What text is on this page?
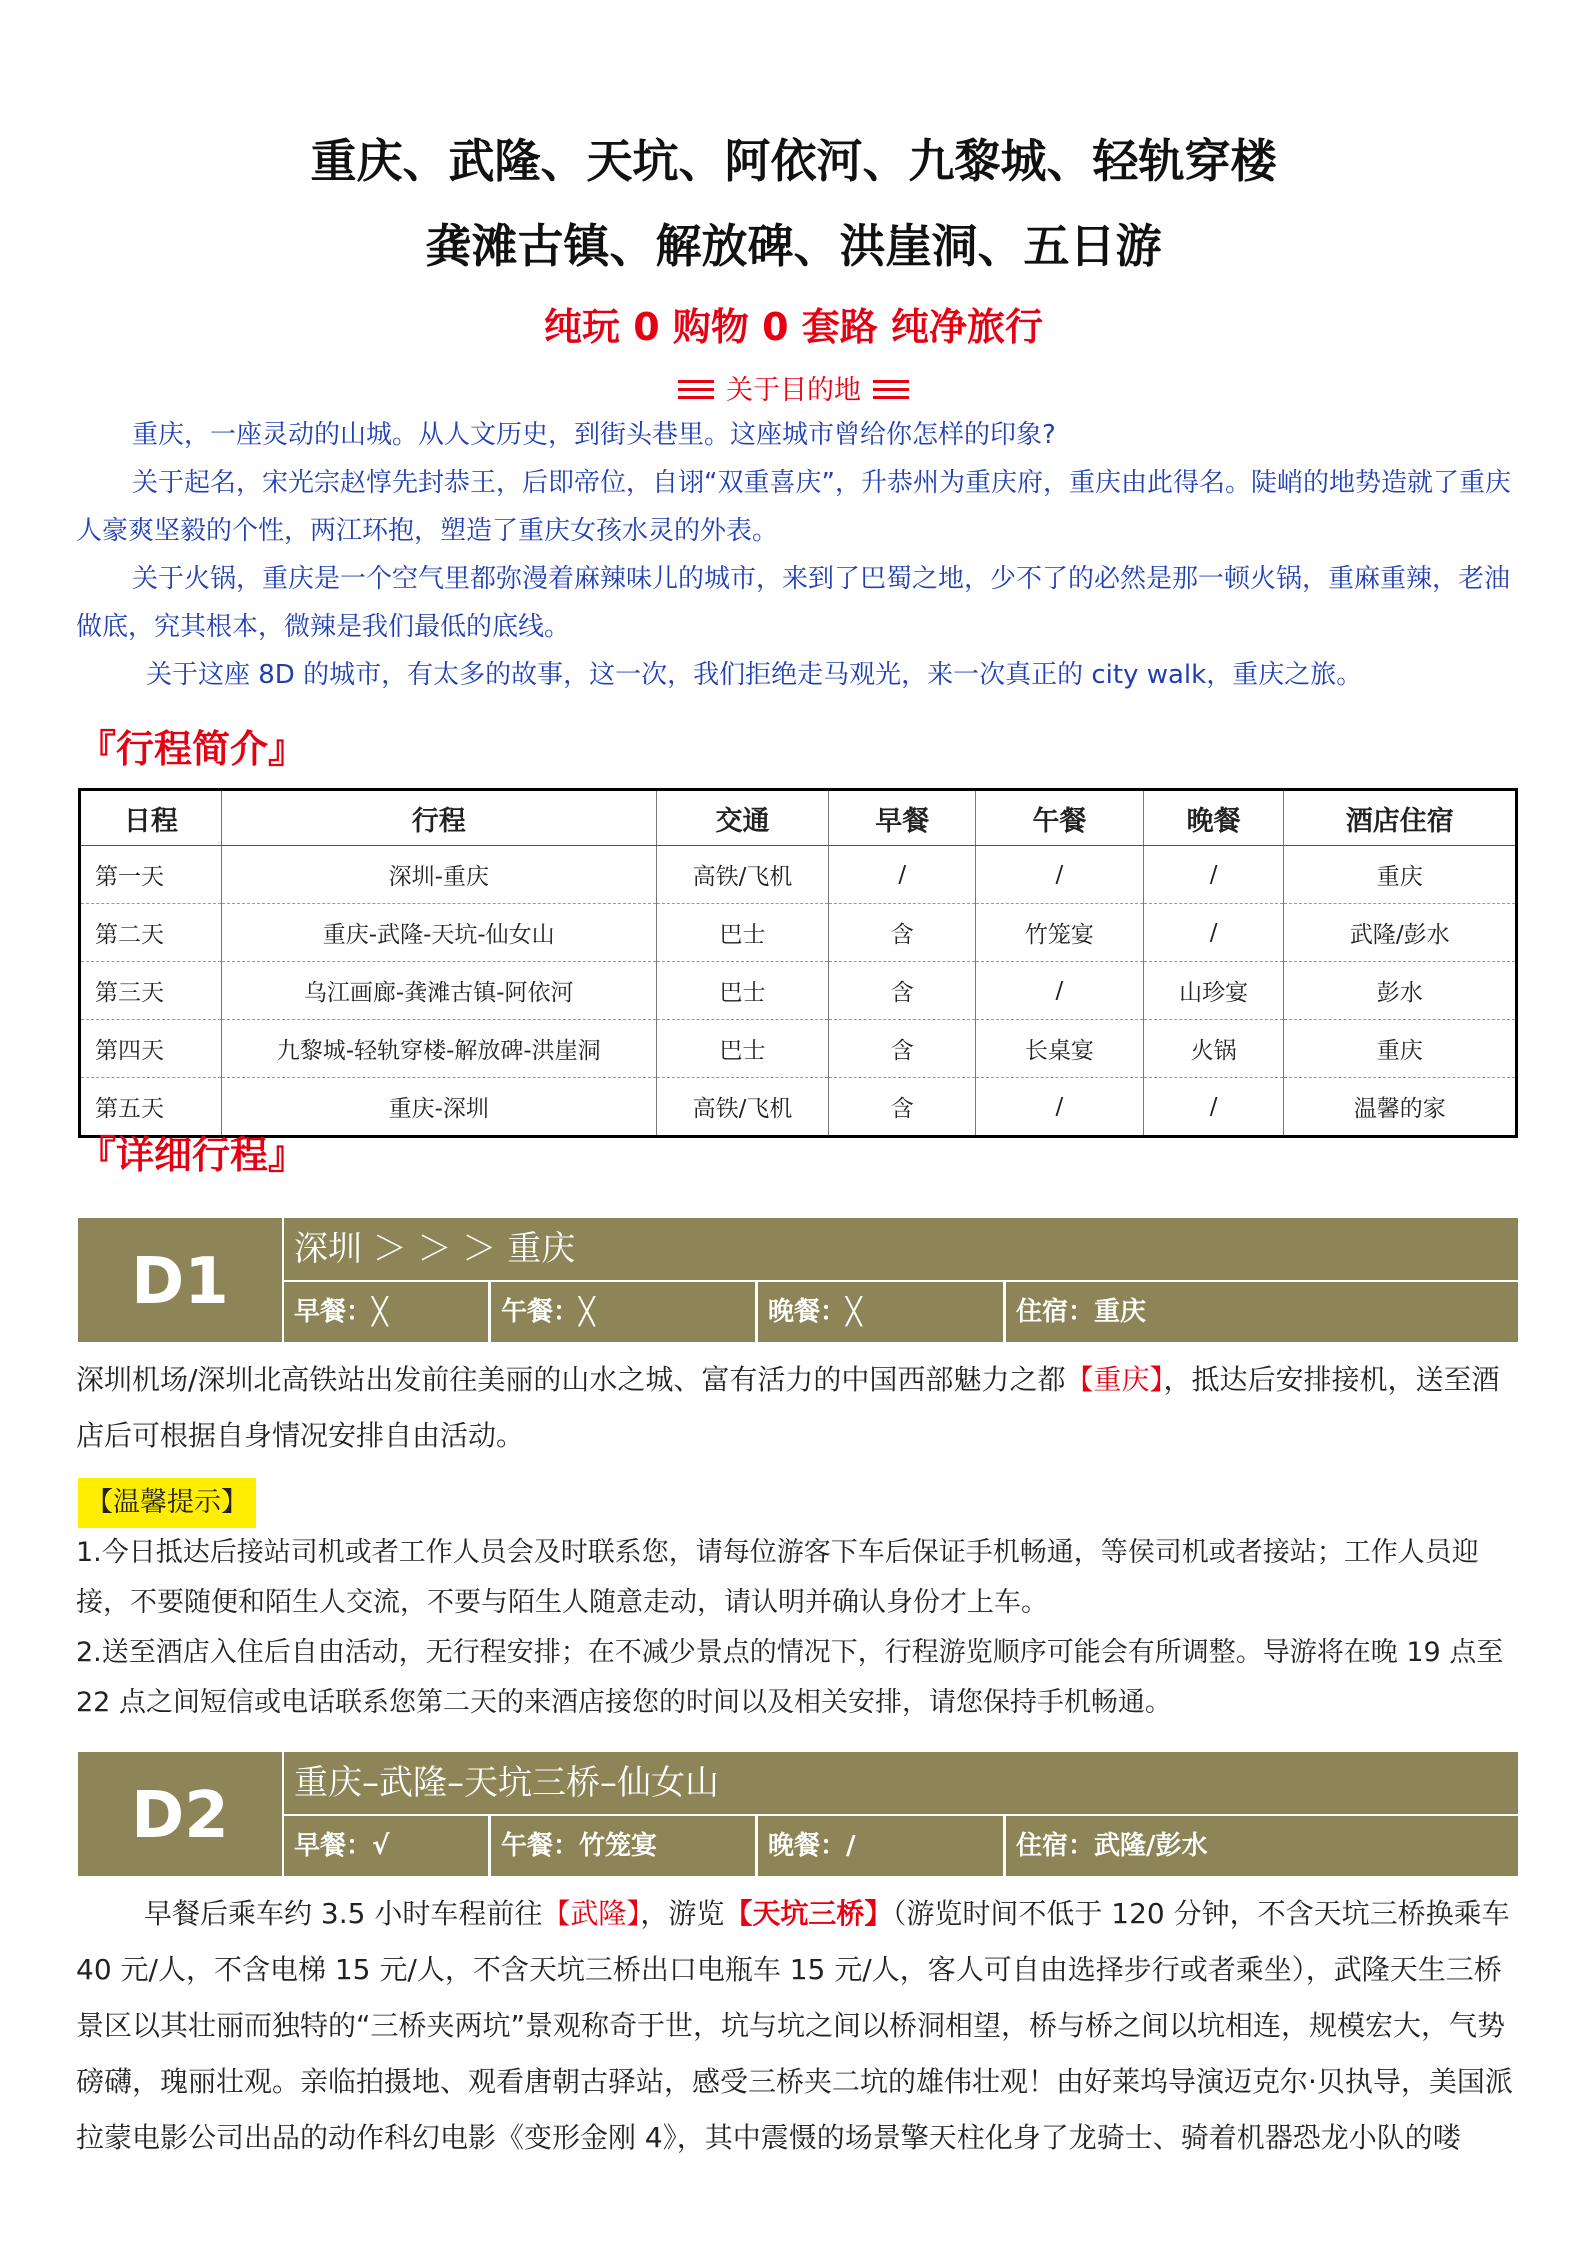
重庆、武隆、天坑、阿依河、九黎城、轻轨穿楼
龚滩古镇、解放碑、洪崖洞、五日游
纯玩 0 购物 0 套路 纯净旅行
关于目的地

重庆，一座灵动的山城。从人文历史，到街头巷里。这座城市曾给你怎样的印象?

关于起名，宋光宗赵惇先封恭王，后即帝位，自诩“双重喜庆”，升恭州为重庆府，重庆由此得名。陡峭的地势造就了重庆人豪爽坚毅的个性，两江环抱，塑造了重庆女孩水灵的外表。

关于火锅，重庆是一个空气里都弥漫着麻辣味儿的城市，来到了巴蜀之地，少不了的必然是那一顿火锅，重麻重辣，老油做底，究其根本，微辣是我们最低的底线。

关于这座 8D 的城市，有太多的故事，这一次，我们拒绝走马观光，来一次真正的 city walk，重庆之旅。

『行程简介』
日程	行程	交通	早餐	午餐	晚餐	酒店住宿
第一天	深圳-重庆	高铁/飞机	/	/	/	重庆
第二天	重庆-武隆-天坑-仙女山	巴士	含	竹笼宴	/	武隆/彭水
第三天	乌江画廊-龚滩古镇-阿依河	巴士	含	/	山珍宴	彭水
第四天	九黎城-轻轨穿楼-解放碑-洪崖洞	巴士	含	长桌宴	火锅	重庆
第五天	重庆-深圳	高铁/飞机	含	/	/	温馨的家
『详细行程』
D1	深圳 ＞ ＞ ＞ 重庆
早餐：╳	午餐：╳	晚餐：╳	住宿：重庆

深圳机场/深圳北高铁站出发前往美丽的山水之城、富有活力的中国西部魅力之都【重庆】，抵达后安排接机，送至酒店后可根据自身情况安排自由活动。

【温馨提示】

1.今日抵达后接站司机或者工作人员会及时联系您，请每位游客下车后保证手机畅通，等侯司机或者接站；工作人员迎接，不要随便和陌生人交流，不要与陌生人随意走动，请认明并确认身份才上车。

2.送至酒店入住后自由活动，无行程安排；在不减少景点的情况下，行程游览顺序可能会有所调整。导游将在晚 19 点至 22 点之间短信或电话联系您第二天的来酒店接您的时间以及相关安排，请您保持手机畅通。

D2	重庆–武隆–天坑三桥–仙女山
早餐：√	午餐：竹笼宴	晚餐：/	住宿：武隆/彭水

早餐后乘车约 3.5 小时车程前往【武隆】，游览【天坑三桥】（游览时间不低于 120 分钟，不含天坑三桥换乘车 40 元/人，不含电梯 15 元/人，不含天坑三桥出口电瓶车 15 元/人，客人可自由选择步行或者乘坐），武隆天生三桥景区以其壮丽而独特的“三桥夹两坑”景观称奇于世，坑与坑之间以桥洞相望，桥与桥之间以坑相连，规模宏大，气势磅礴，瑰丽壮观。亲临拍摄地、观看唐朝古驿站，感受三桥夹二坑的雄伟壮观！由好莱坞导演迈克尔·贝执导，美国派拉蒙电影公司出品的动作科幻电影《变形金刚 4》，其中震慑的场景擎天柱化身了龙骑士、骑着机器恐龙小队的喽
